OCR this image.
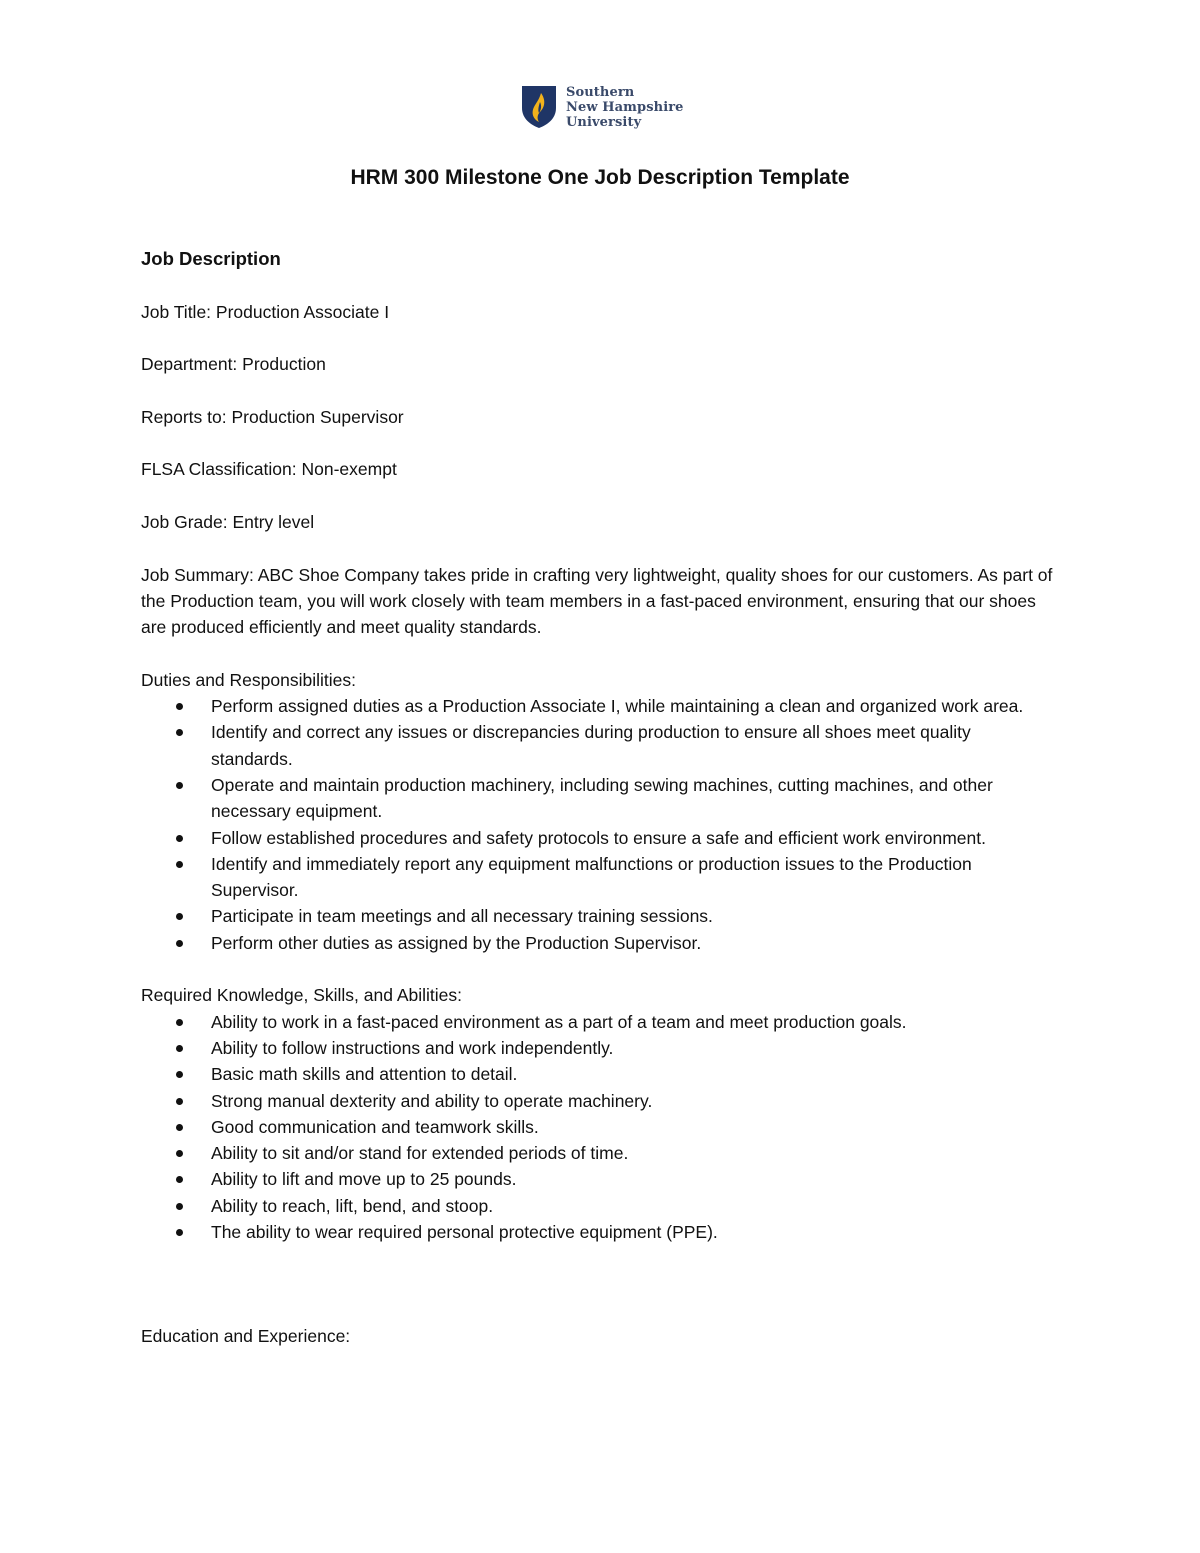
Southern
New Hampshire
University
HRM 300 Milestone One Job Description Template

Job Description

Job Title: Production Associate I

Department: Production

Reports to: Production Supervisor

FLSA Classification: Non-exempt

Job Grade: Entry level

Job Summary: ABC Shoe Company takes pride in crafting very lightweight, quality shoes for our customers. As part of the Production team, you will work closely with team members in a fast-paced environment, ensuring that our shoes are produced efficiently and meet quality standards.

Duties and Responsibilities:

Perform assigned duties as a Production Associate I, while maintaining a clean and organized work area.
Identify and correct any issues or discrepancies during production to ensure all shoes meet quality standards.
Operate and maintain production machinery, including sewing machines, cutting machines, and other necessary equipment.
Follow established procedures and safety protocols to ensure a safe and efficient work environment.
Identify and immediately report any equipment malfunctions or production issues to the Production Supervisor.
Participate in team meetings and all necessary training sessions.
Perform other duties as assigned by the Production Supervisor.

Required Knowledge, Skills, and Abilities:

Ability to work in a fast-paced environment as a part of a team and meet production goals.
Ability to follow instructions and work independently.
Basic math skills and attention to detail.
Strong manual dexterity and ability to operate machinery.
Good communication and teamwork skills.
Ability to sit and/or stand for extended periods of time.
Ability to lift and move up to 25 pounds.
Ability to reach, lift, bend, and stoop.
The ability to wear required personal protective equipment (PPE).

Education and Experience:
